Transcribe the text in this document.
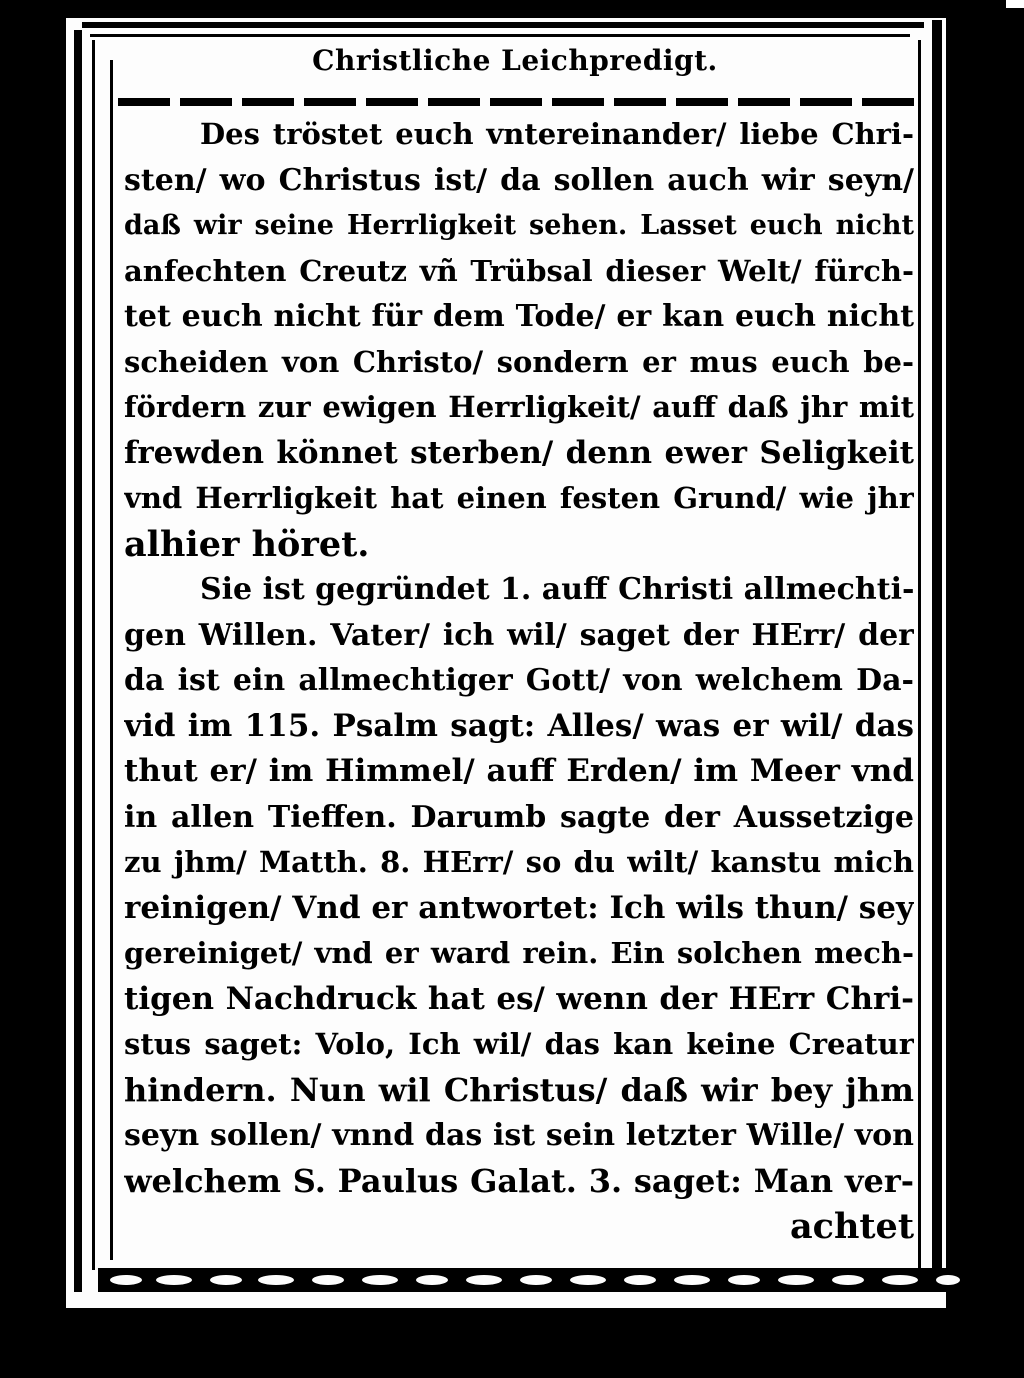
Christliche Leichpredigt.
Des tröstet euch vntereinander/ liebe Chri-
sten/ wo Christus ist/ da sollen auch wir seyn/
daß wir seine Herrligkeit sehen. Lasset euch nicht
anfechten Creutz vñ Trübsal dieser Welt/ fürch-
tet euch nicht für dem Tode/ er kan euch nicht
scheiden von Christo/ sondern er mus euch be-
fördern zur ewigen Herrligkeit/ auff daß jhr mit
frewden könnet sterben/ denn ewer Seligkeit
vnd Herrligkeit hat einen festen Grund/ wie jhr
alhier höret.
Sie ist gegründet 1. auff Christi allmechti-
gen Willen. Vater/ ich wil/ saget der HErr/ der
da ist ein allmechtiger Gott/ von welchem Da-
vid im 115. Psalm sagt: Alles/ was er wil/ das
thut er/ im Himmel/ auff Erden/ im Meer vnd
in allen Tieffen. Darumb sagte der Aussetzige
zu jhm/ Matth. 8. HErr/ so du wilt/ kanstu mich
reinigen/ Vnd er antwortet: Ich wils thun/ sey
gereiniget/ vnd er ward rein. Ein solchen mech-
tigen Nachdruck hat es/ wenn der HErr Chri-
stus saget: Volo, Ich wil/ das kan keine Creatur
hindern. Nun wil Christus/ daß wir bey jhm
seyn sollen/ vnnd das ist sein letzter Wille/ von
welchem S. Paulus Galat. 3. saget: Man ver-
achtet
